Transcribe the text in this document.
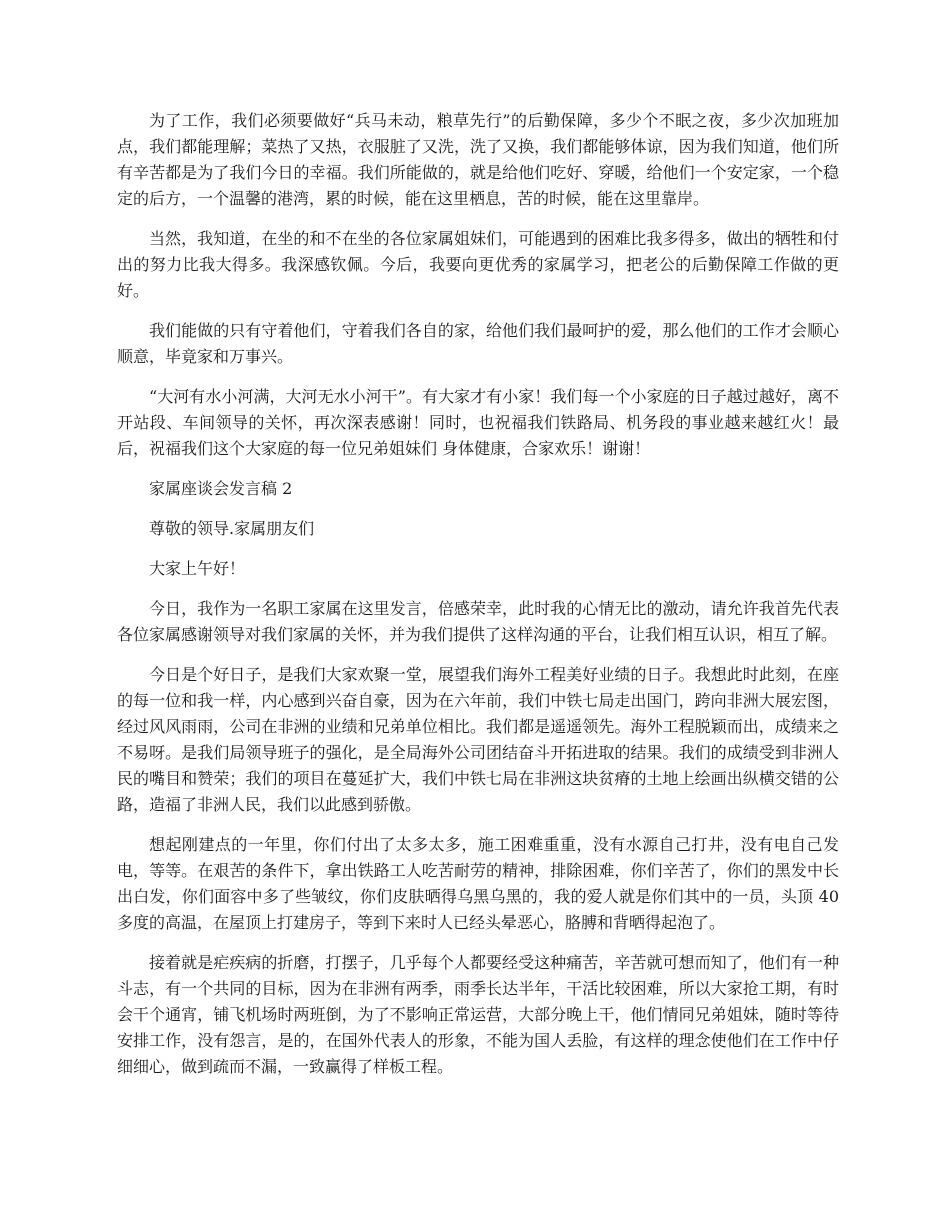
为了工作，我们必须要做好“兵马未动，粮草先行”的后勤保障，多少个不眠之夜，多少次加班加点，我们都能理解；菜热了又热，衣服脏了又洗，洗了又换，我们都能够体谅，因为我们知道，他们所有辛苦都是为了我们今日的幸福。我们所能做的，就是给他们吃好、穿暖，给他们一个安定家，一个稳定的后方，一个温馨的港湾，累的时候，能在这里栖息，苦的时候，能在这里靠岸。

当然，我知道，在坐的和不在坐的各位家属姐妹们，可能遇到的困难比我多得多，做出的牺牲和付出的努力比我大得多。我深感钦佩。今后，我要向更优秀的家属学习，把老公的后勤保障工作做的更好。

我们能做的只有守着他们，守着我们各自的家，给他们我们最呵护的爱，那么他们的工作才会顺心顺意，毕竟家和万事兴。

“大河有水小河满，大河无水小河干”。有大家才有小家！我们每一个小家庭的日子越过越好，离不开站段、车间领导的关怀，再次深表感谢！同时，也祝福我们铁路局、机务段的事业越来越红火！最后，祝福我们这个大家庭的每一位兄弟姐妹们 身体健康，合家欢乐！谢谢！

家属座谈会发言稿 2

尊敬的领导.家属朋友们

大家上午好！

今日，我作为一名职工家属在这里发言，倍感荣幸，此时我的心情无比的激动，请允许我首先代表各位家属感谢领导对我们家属的关怀，并为我们提供了这样沟通的平台，让我们相互认识，相互了解。

今日是个好日子，是我们大家欢聚一堂，展望我们海外工程美好业绩的日子。我想此时此刻，在座的每一位和我一样，内心感到兴奋自豪，因为在六年前，我们中铁七局走出国门，跨向非洲大展宏图，经过风风雨雨，公司在非洲的业绩和兄弟单位相比。我们都是遥遥领先。海外工程脱颖而出，成绩来之不易呀。是我们局领导班子的强化，是全局海外公司团结奋斗开拓进取的结果。我们的成绩受到非洲人民的嘴目和赞荣；我们的项目在蔓延扩大，我们中铁七局在非洲这块贫瘠的土地上绘画出纵横交错的公路，造福了非洲人民，我们以此感到骄傲。

想起刚建点的一年里，你们付出了太多太多，施工困难重重，没有水源自己打井，没有电自己发电，等等。在艰苦的条件下，拿出铁路工人吃苦耐劳的精神，排除困难，你们辛苦了，你们的黑发中长出白发，你们面容中多了些皱纹，你们皮肤晒得乌黑乌黑的，我的爱人就是你们其中的一员，头顶 40 多度的高温，在屋顶上打建房子，等到下来时人已经头晕恶心，胳膊和背晒得起泡了。

接着就是疟疾病的折磨，打摆子，几乎每个人都要经受这种痛苦，辛苦就可想而知了，他们有一种斗志，有一个共同的目标，因为在非洲有两季，雨季长达半年，干活比较困难，所以大家抢工期，有时会干个通宵，铺飞机场时两班倒，为了不影响正常运营，大部分晚上干，他们情同兄弟姐妹，随时等待安排工作，没有怨言，是的，在国外代表人的形象，不能为国人丢脸，有这样的理念使他们在工作中仔细细心，做到疏而不漏，一致赢得了样板工程。
